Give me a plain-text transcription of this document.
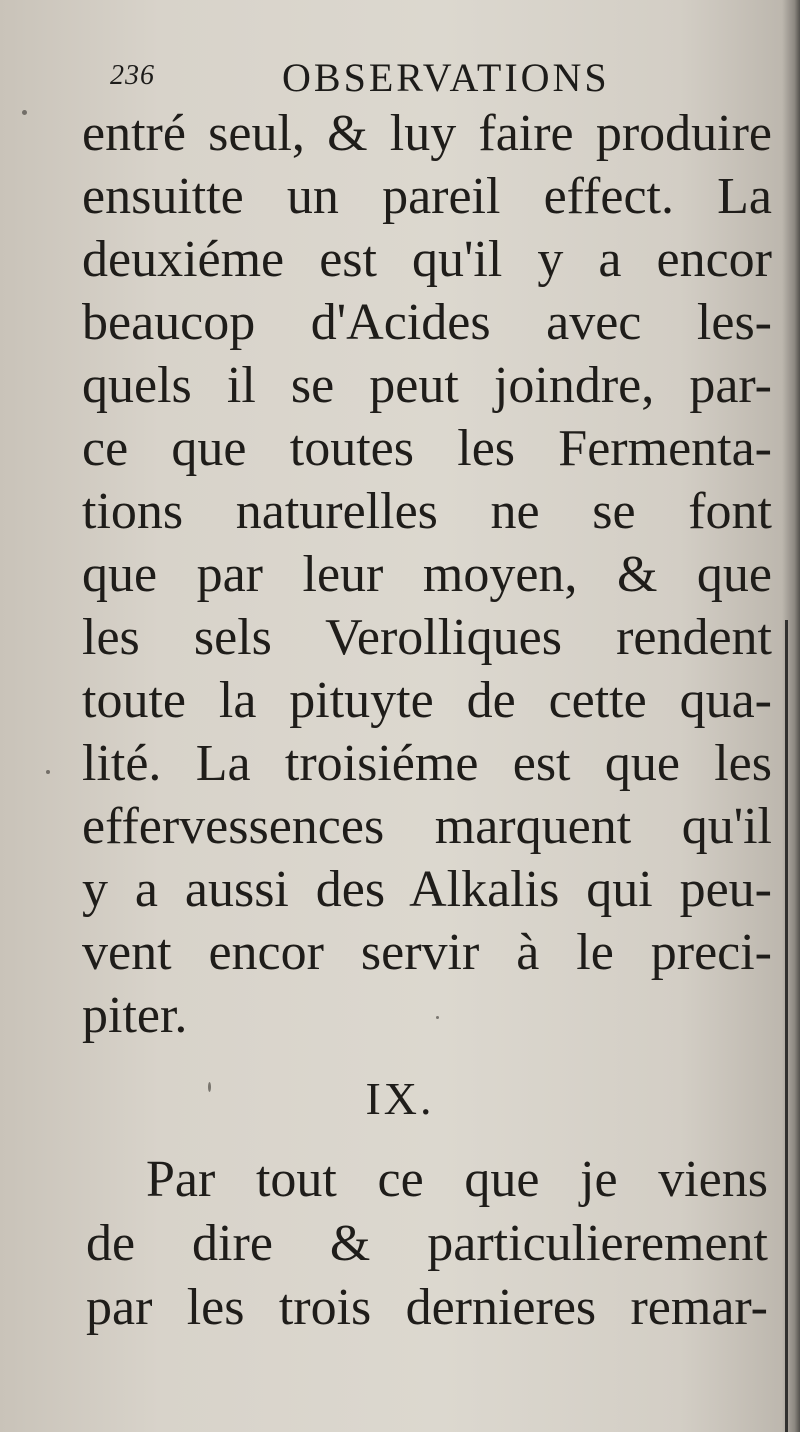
236	OBSERVATIONS
entré seul, & luy faire produire
ensuitte un pareil effect. La
deuxiéme est qu'il y a encor
beaucop d'Acides avec les-
quels il se peut joindre, par-
ce que toutes les Fermenta-
tions naturelles ne se font
que par leur moyen, & que
les sels Verolliques rendent
toute la pituyte de cette qua-
lité. La troisiéme est que les
effervessences marquent qu'il
y a aussi des Alkalis qui peu-
vent encor servir à le preci-
piter.
IX.
Par tout ce que je viens
de dire & particulierement
par les trois dernieres remar-
